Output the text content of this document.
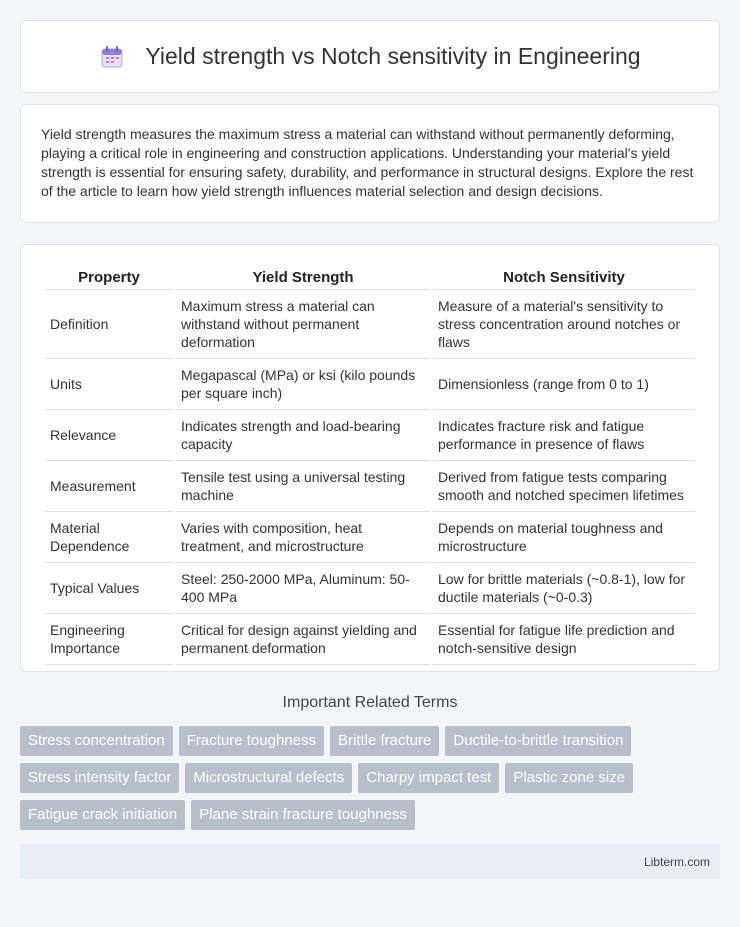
Yield strength vs Notch sensitivity in Engineering
Yield strength measures the maximum stress a material can withstand without permanently deforming, playing a critical role in engineering and construction applications. Understanding your material's yield strength is essential for ensuring safety, durability, and performance in structural designs. Explore the rest of the article to learn how yield strength influences material selection and design decisions.
Property	Yield Strength	Notch Sensitivity
Definition	Maximum stress a material can withstand without permanent deformation	Measure of a material's sensitivity to stress concentration around notches or flaws
Units	Megapascal (MPa) or ksi (kilo pounds per square inch)	Dimensionless (range from 0 to 1)
Relevance	Indicates strength and load-bearing capacity	Indicates fracture risk and fatigue performance in presence of flaws
Measurement	Tensile test using a universal testing machine	Derived from fatigue tests comparing smooth and notched specimen lifetimes
Material Dependence	Varies with composition, heat treatment, and microstructure	Depends on material toughness and microstructure
Typical Values	Steel: 250-2000 MPa, Aluminum: 50-400 MPa	Low for brittle materials (~0.8-1), low for ductile materials (~0-0.3)
Engineering Importance	Critical for design against yielding and permanent deformation	Essential for fatigue life prediction and notch-sensitive design
Important Related Terms
Stress concentration	Fracture toughness	Brittle fracture	Ductile-to-brittle transition
Stress intensity factor	Microstructural defects	Charpy impact test	Plastic zone size
Fatigue crack initiation	Plane strain fracture toughness
Libterm.com
